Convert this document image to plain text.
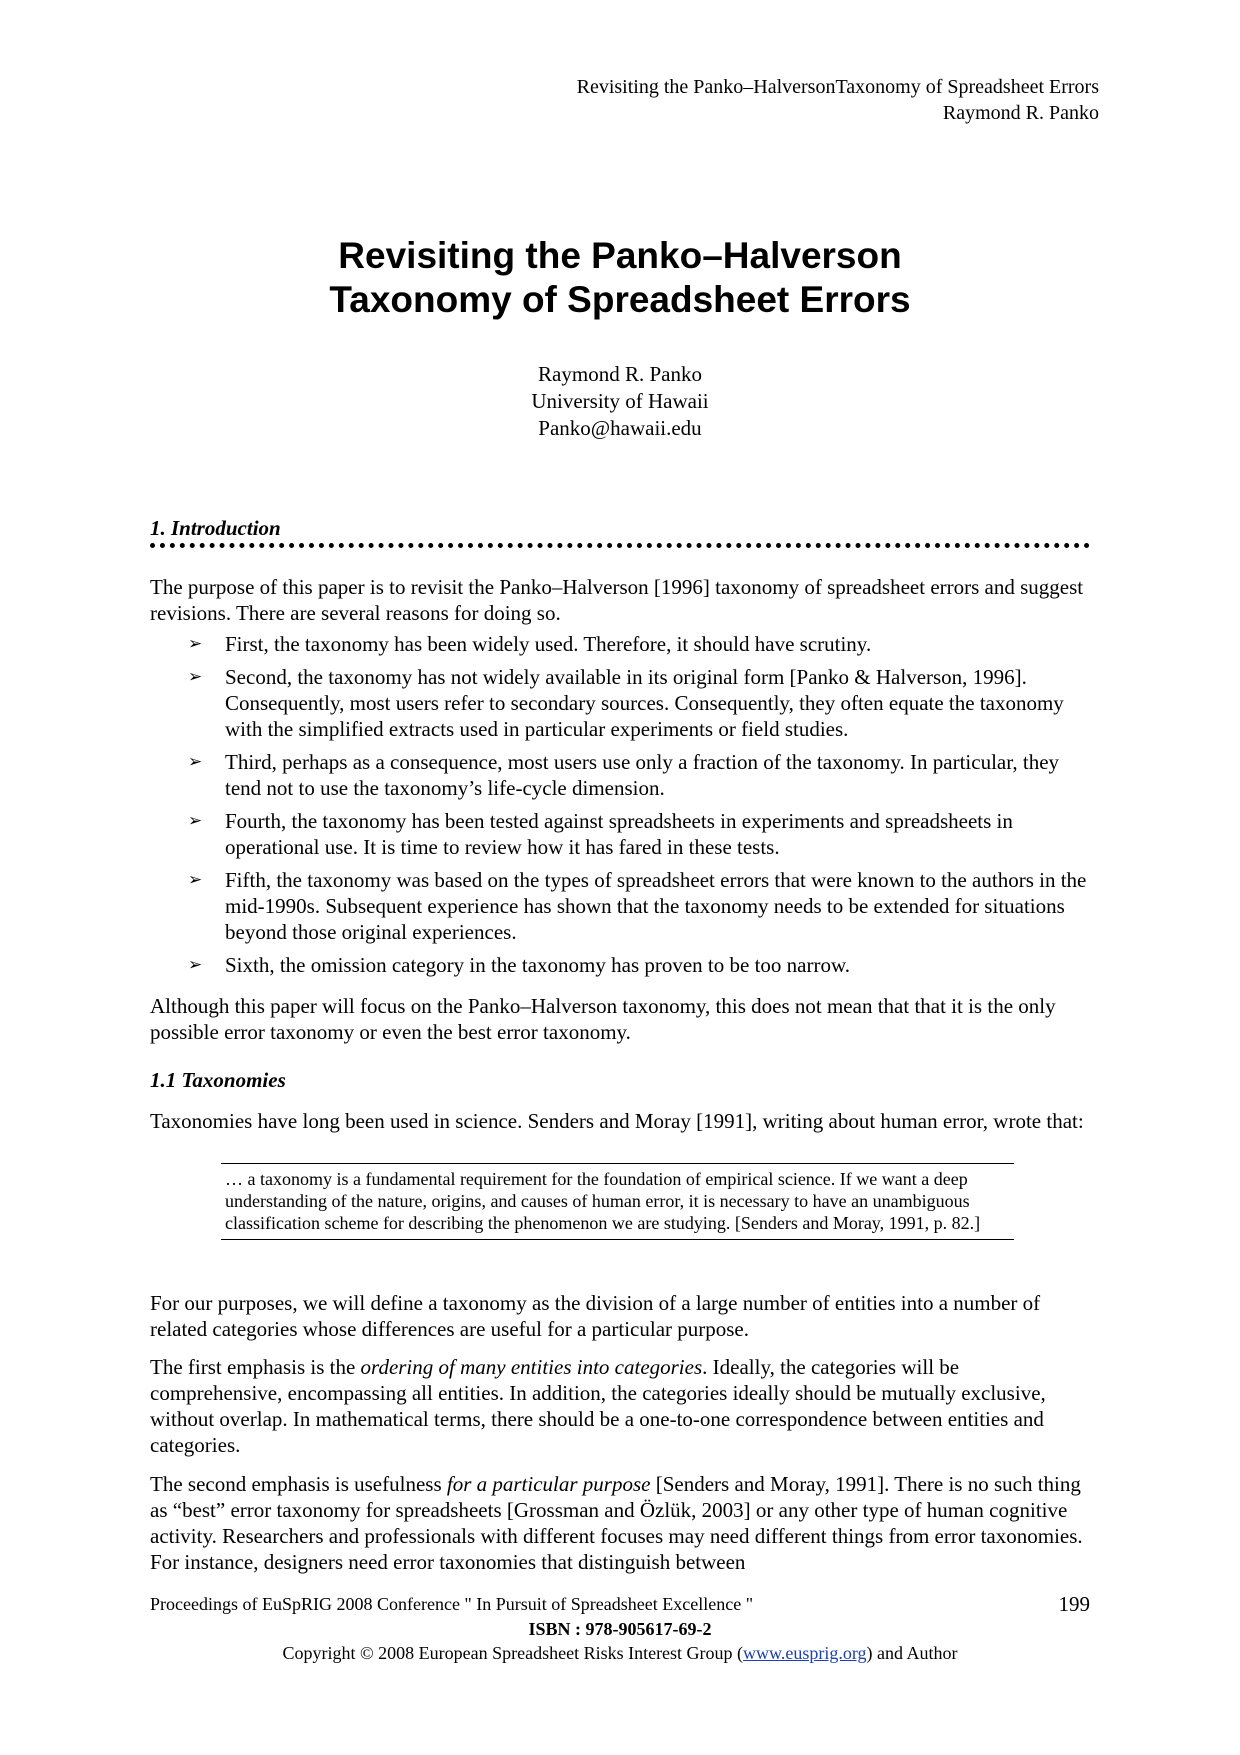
Revisiting the Panko–HalversonTaxonomy of Spreadsheet Errors
Raymond R. Panko
Revisiting the Panko–Halverson
Taxonomy of Spreadsheet Errors
Raymond R. Panko
University of Hawaii
Panko@hawaii.edu
1. Introduction
The purpose of this paper is to revisit the Panko–Halverson [1996] taxonomy of spreadsheet errors and suggest revisions. There are several reasons for doing so.
➢ First, the taxonomy has been widely used. Therefore, it should have scrutiny.
➢ Second, the taxonomy has not widely available in its original form [Panko & Halverson, 1996]. Consequently, most users refer to secondary sources. Consequently, they often equate the taxonomy with the simplified extracts used in particular experiments or field studies.
➢ Third, perhaps as a consequence, most users use only a fraction of the taxonomy. In particular, they tend not to use the taxonomy’s life-cycle dimension.
➢ Fourth, the taxonomy has been tested against spreadsheets in experiments and spreadsheets in operational use. It is time to review how it has fared in these tests.
➢ Fifth, the taxonomy was based on the types of spreadsheet errors that were known to the authors in the mid-1990s. Subsequent experience has shown that the taxonomy needs to be extended for situations beyond those original experiences.
➢ Sixth, the omission category in the taxonomy has proven to be too narrow.
Although this paper will focus on the Panko–Halverson taxonomy, this does not mean that that it is the only possible error taxonomy or even the best error taxonomy.
1.1 Taxonomies
Taxonomies have long been used in science. Senders and Moray [1991], writing about human error, wrote that:
… a taxonomy is a fundamental requirement for the foundation of empirical science. If we want a deep understanding of the nature, origins, and causes of human error, it is necessary to have an unambiguous classification scheme for describing the phenomenon we are studying. [Senders and Moray, 1991, p. 82.]
For our purposes, we will define a taxonomy as the division of a large number of entities into a number of related categories whose differences are useful for a particular purpose.
The first emphasis is the ordering of many entities into categories. Ideally, the categories will be comprehensive, encompassing all entities. In addition, the categories ideally should be mutually exclusive, without overlap. In mathematical terms, there should be a one-to-one correspondence between entities and categories.
The second emphasis is usefulness for a particular purpose [Senders and Moray, 1991]. There is no such thing as “best” error taxonomy for spreadsheets [Grossman and Özlük, 2003] or any other type of human cognitive activity. Researchers and professionals with different focuses may need different things from error taxonomies. For instance, designers need error taxonomies that distinguish between
Proceedings of EuSpRIG 2008 Conference " In Pursuit of Spreadsheet Excellence "	199
ISBN : 978-905617-69-2
Copyright © 2008 European Spreadsheet Risks Interest Group (www.eusprig.org) and Author
